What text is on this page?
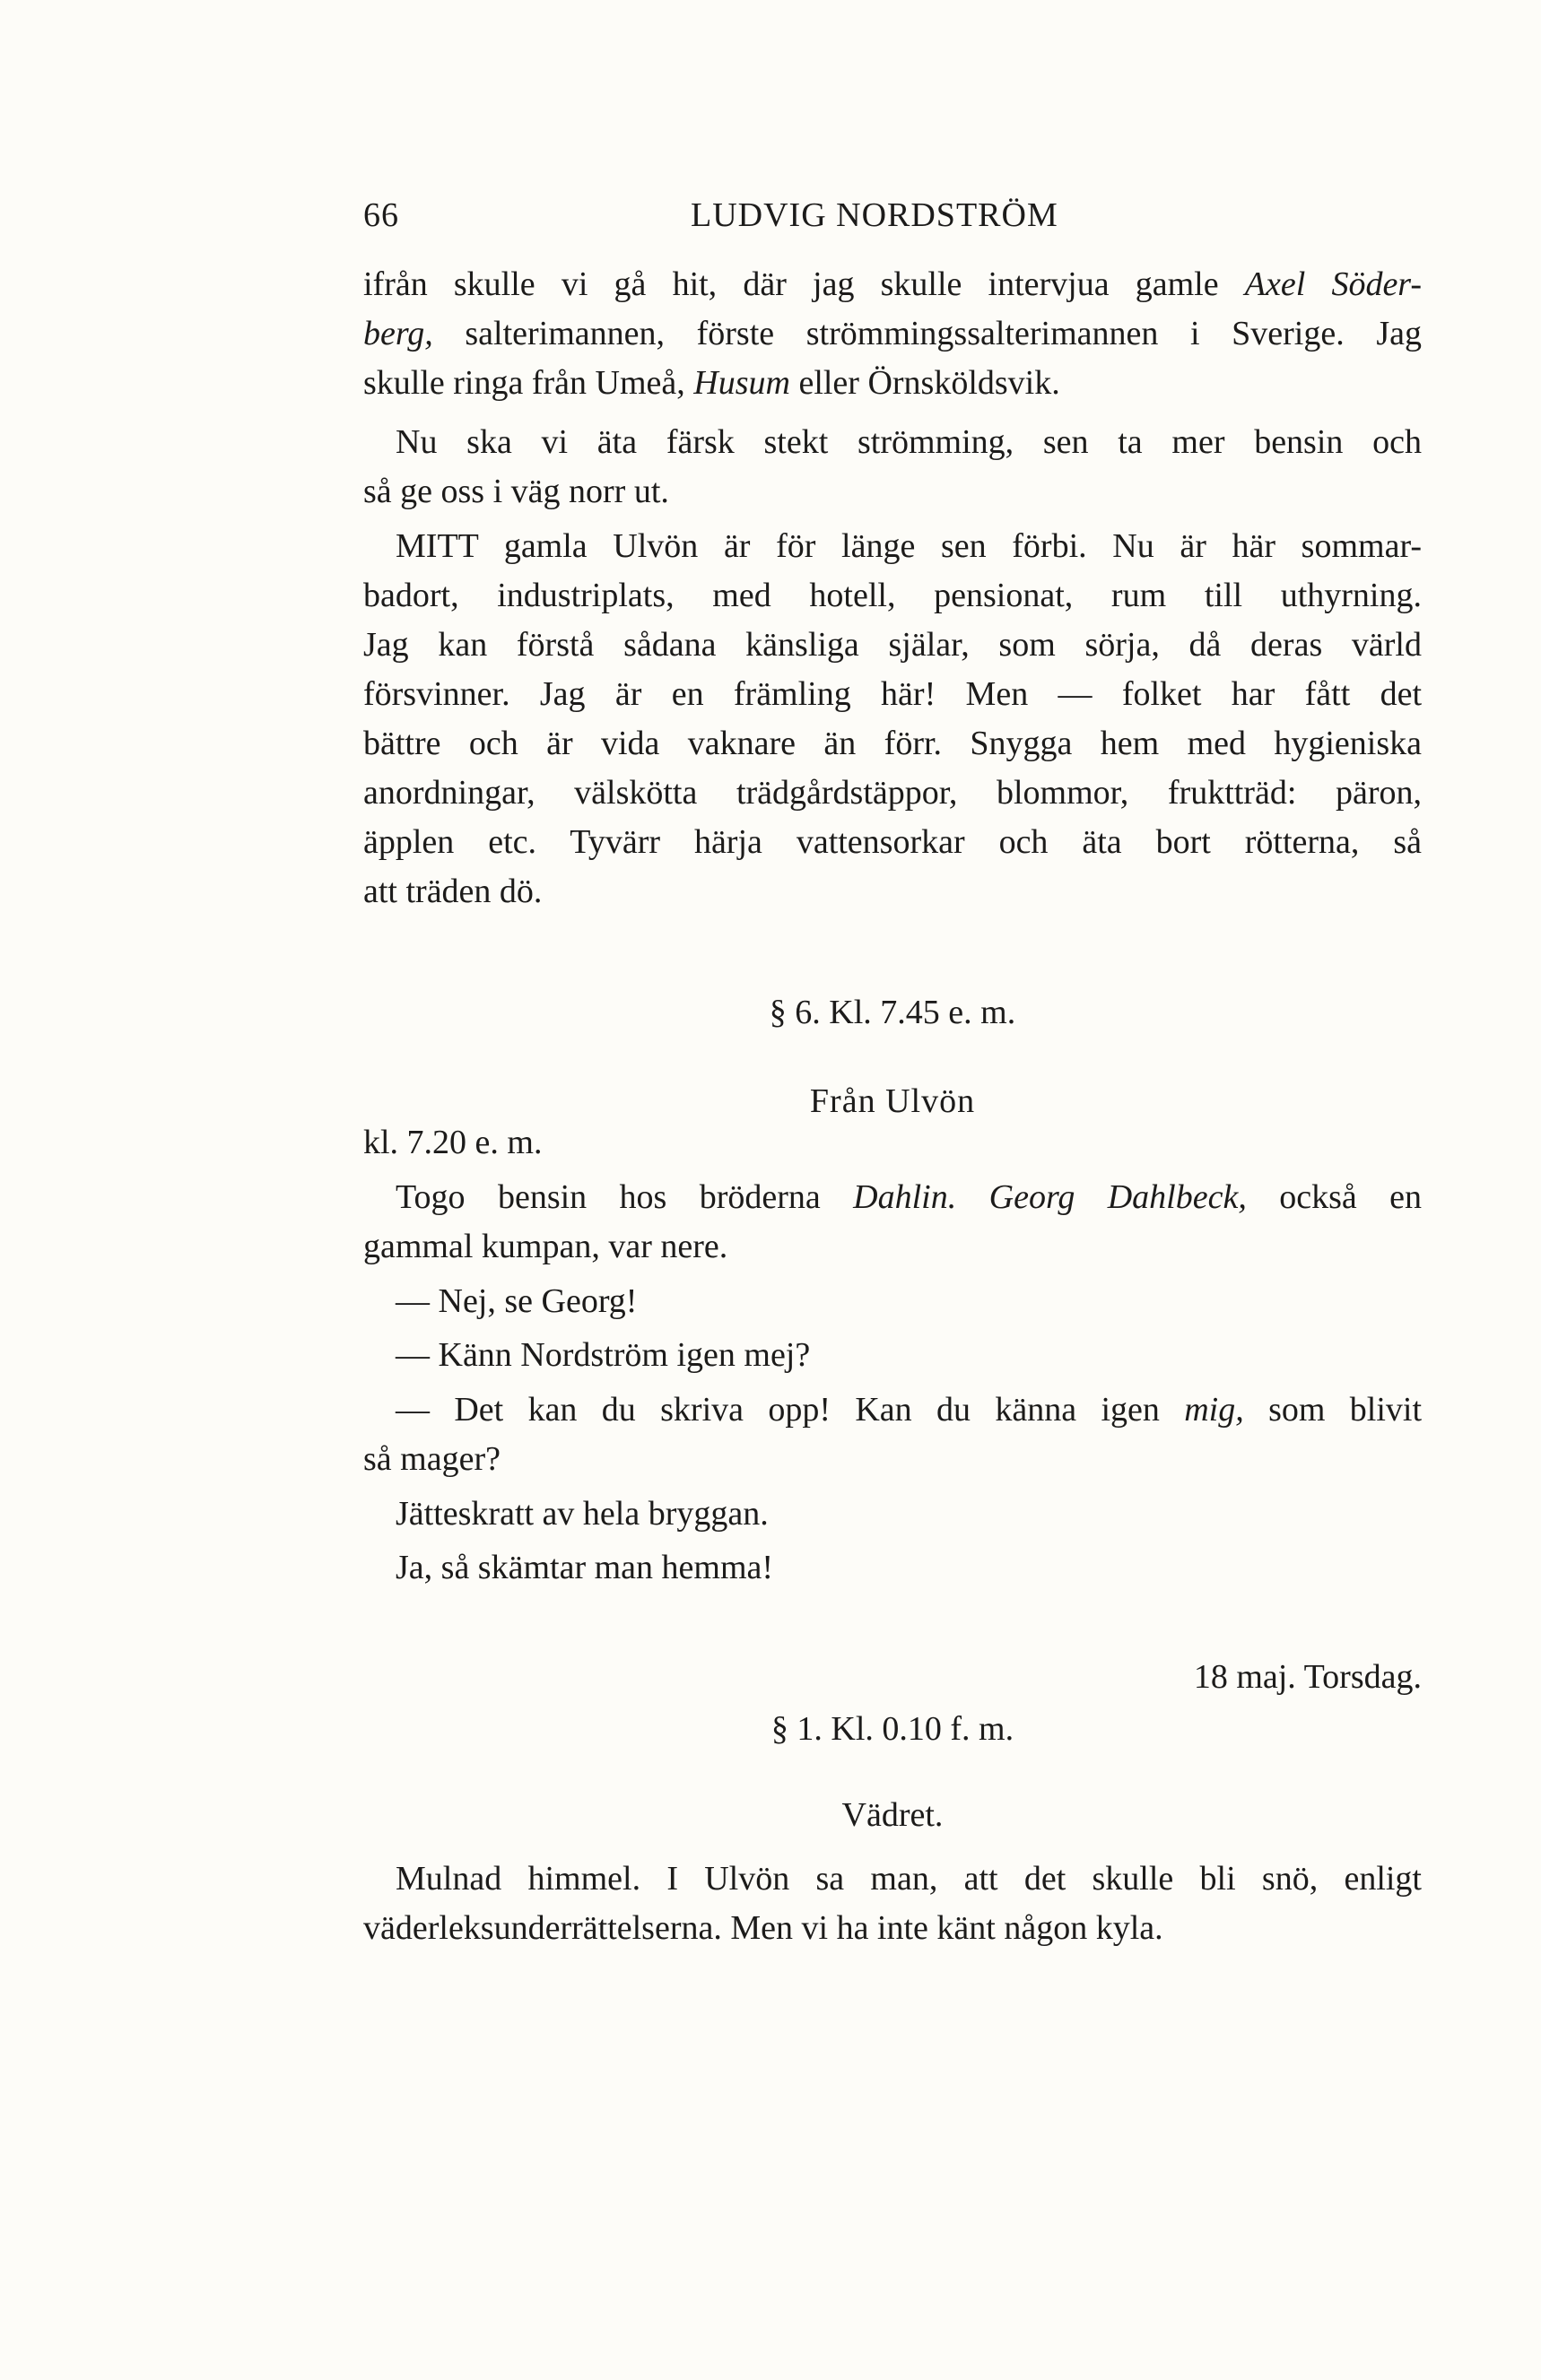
66	LUDVIG NORDSTRÖM
ifrån skulle vi gå hit, där jag skulle intervjua gamle Axel Söder-
berg, salterimannen, förste strömmingssalterimannen i Sverige. Jag
skulle ringa från Umeå, Husum eller Örnsköldsvik.
Nu ska vi äta färsk stekt strömming, sen ta mer bensin och
så ge oss i väg norr ut.
MITT gamla Ulvön är för länge sen förbi. Nu är här sommar-
badort, industriplats, med hotell, pensionat, rum till uthyrning.
Jag kan förstå sådana känsliga själar, som sörja, då deras värld
försvinner. Jag är en främling här! Men — folket har fått det
bättre och är vida vaknare än förr. Snygga hem med hygieniska
anordningar, välskötta trädgårdstäppor, blommor, fruktträd: päron,
äpplen etc. Tyvärr härja vattensorkar och äta bort rötterna, så
att träden dö.
§ 6. Kl. 7.45 e. m.
Från Ulvön
kl. 7.20 e. m.
Togo bensin hos bröderna Dahlin. Georg Dahlbeck, också en
gammal kumpan, var nere.
— Nej, se Georg!
— Känn Nordström igen mej?
— Det kan du skriva opp! Kan du känna igen mig, som blivit
så mager?
Jätteskratt av hela bryggan.
Ja, så skämtar man hemma!
18 maj. Torsdag.
§ 1. Kl. 0.10 f. m.
Vädret.
Mulnad himmel. I Ulvön sa man, att det skulle bli snö, enligt
väderleksunderrättelserna. Men vi ha inte känt någon kyla.
